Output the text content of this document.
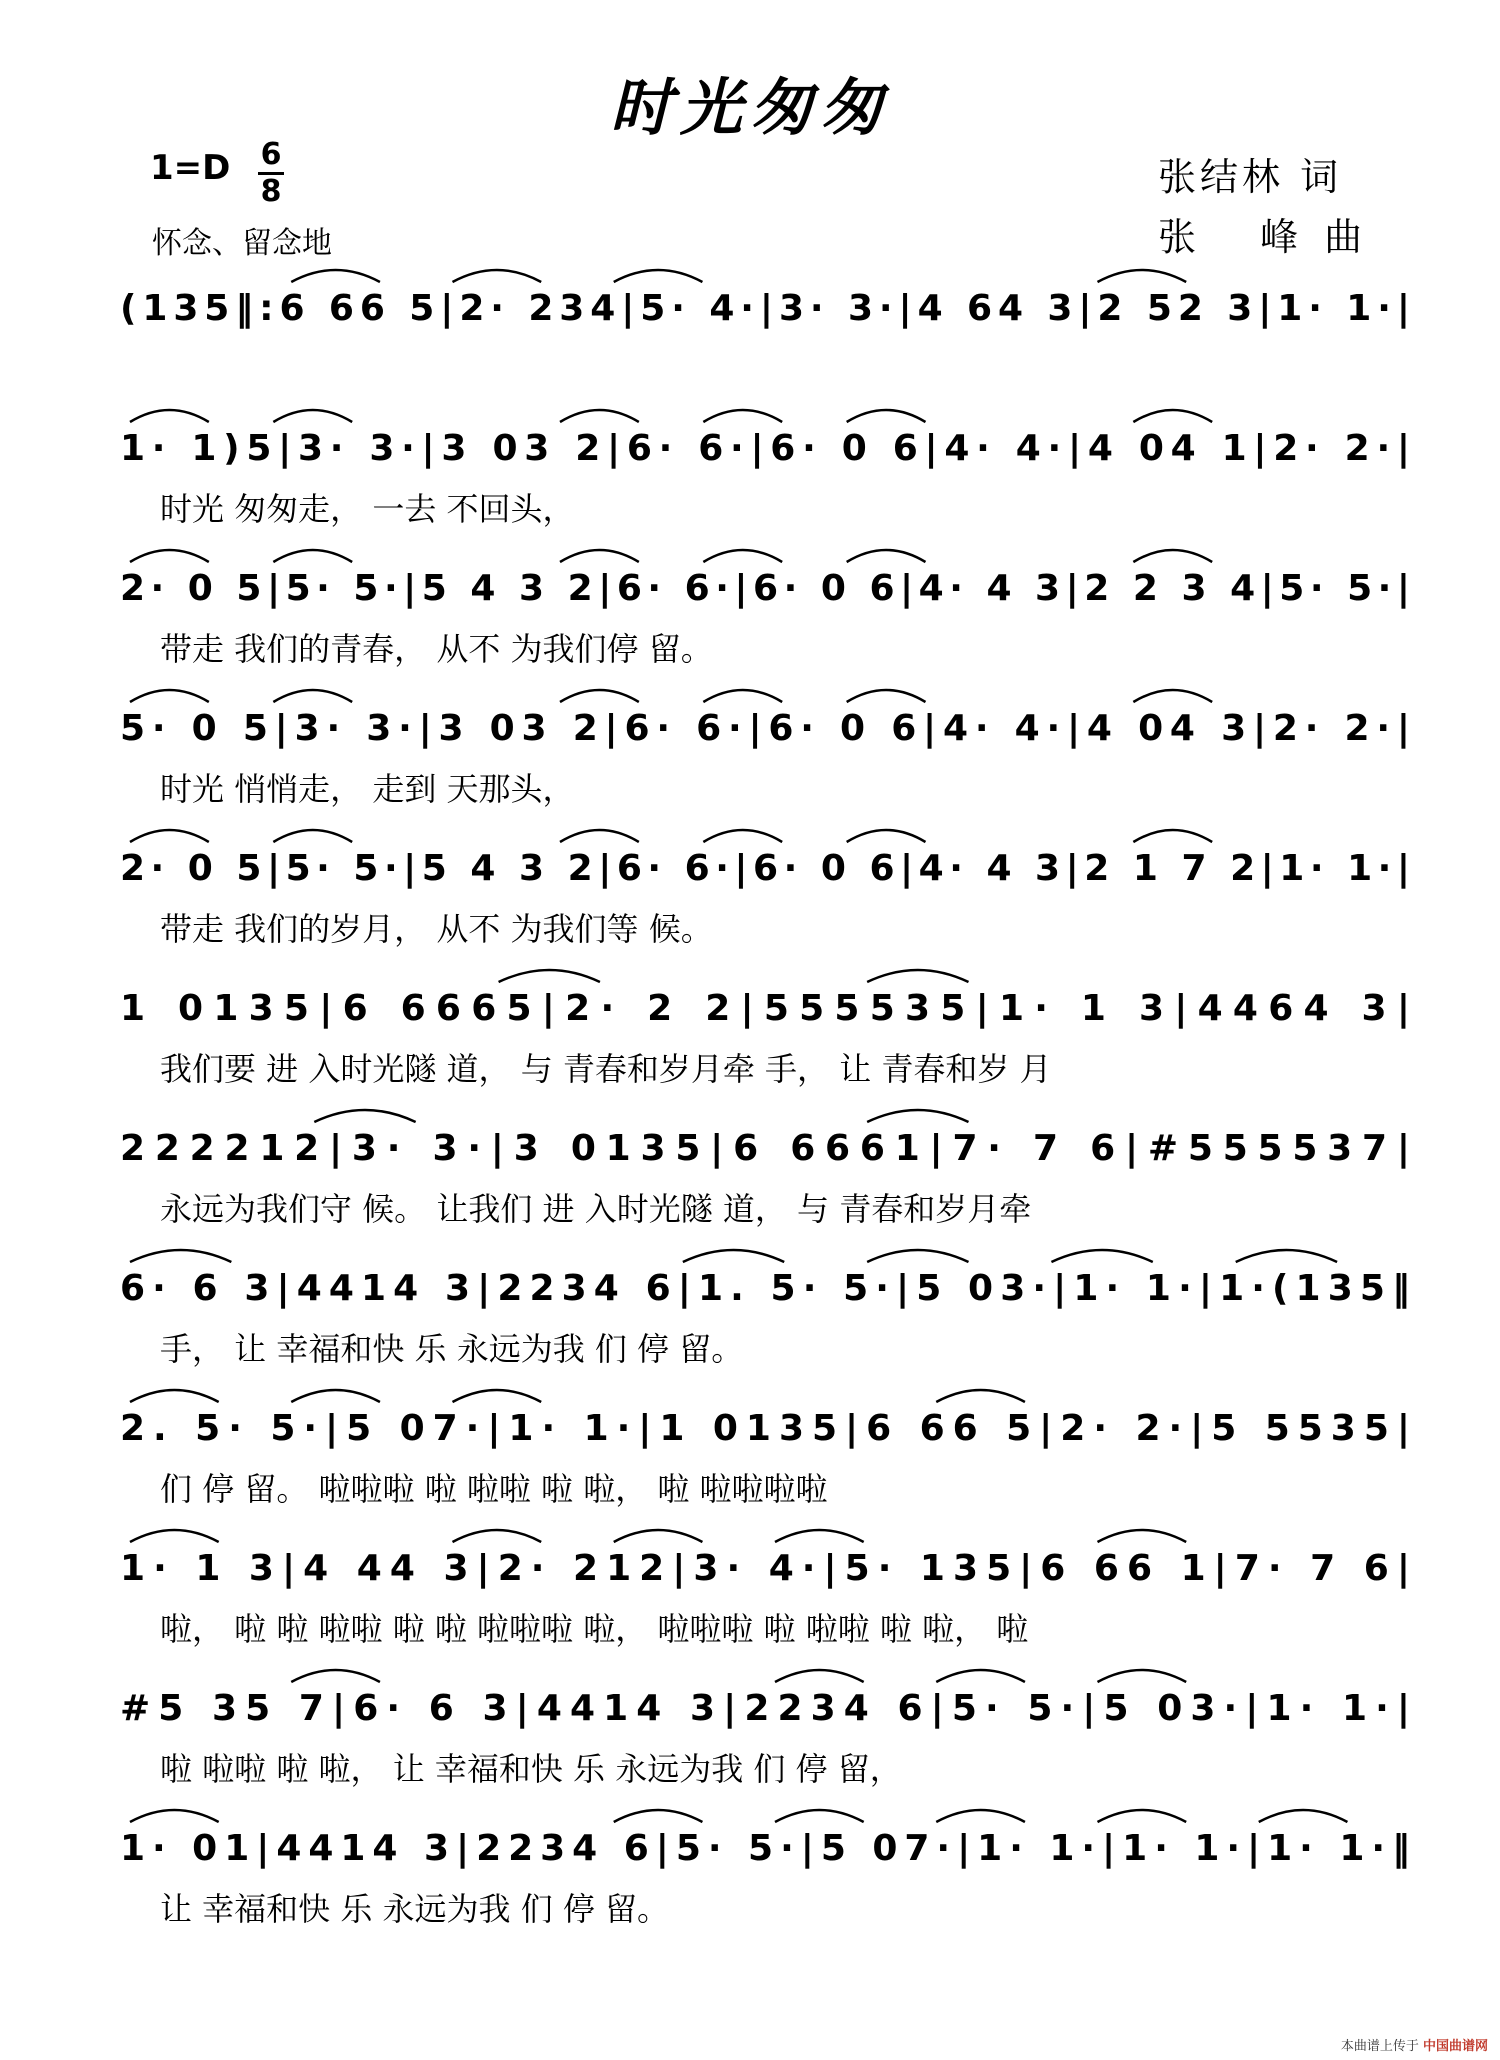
时光匆匆
1=D 6
8
怀念、留念地
张结林 词
张 峰曲
(135‖:6 66 5|2· 234|5· 4·|3· 3·|4 64 3|2 52 3|1· 1·|
1· 1)5|3· 3·|3 03 2|6· 6·|6· 0 6|4· 4·|4 04 1|2· 2·|
时光 匆匆走， 一去 不回头，
2· 0 5|5· 5·|5 4 3 2|6· 6·|6· 0 6|4· 4 3|2 2 3 4|5· 5·|
带走 我们的青春， 从不 为我们停 留。
5· 0 5|3· 3·|3 03 2|6· 6·|6· 0 6|4· 4·|4 04 3|2· 2·|
时光 悄悄走， 走到 天那头，
2· 0 5|5· 5·|5 4 3 2|6· 6·|6· 0 6|4· 4 3|2 1 7 2|1· 1·|
带走 我们的岁月， 从不 为我们等 候。
1 0135|6 6665|2· 2 2|555535|1· 1 3|4464 3|
我们要 进 入时光隧 道， 与 青春和岁月牵 手， 让 青春和岁 月
222212|3· 3·|3 0135|6 6661|7· 7 6|#555537|
永远为我们守 候。 让我们 进 入时光隧 道， 与 青春和岁月牵
6· 6 3|4414 3|2234 6|1. 5· 5·|5 03·|1· 1·|1·(135‖
手， 让 幸福和快 乐 永远为我 们 停 留。
2. 5· 5·|5 07·|1· 1·|1 0135|6 66 5|2· 2·|5 5535|
们 停 留。 啦啦啦 啦 啦啦 啦 啦， 啦 啦啦啦啦
1· 1 3|4 44 3|2· 212|3· 4·|5· 135|6 66 1|7· 7 6|
啦， 啦 啦 啦啦 啦 啦 啦啦啦 啦， 啦啦啦 啦 啦啦 啦 啦， 啦
#5 35 7|6· 6 3|4414 3|2234 6|5· 5·|5 03·|1· 1·|
啦 啦啦 啦 啦， 让 幸福和快 乐 永远为我 们 停 留，
1· 01|4414 3|2234 6|5· 5·|5 07·|1· 1·|1· 1·|1· 1·‖
让 幸福和快 乐 永远为我 们 停 留。
本曲谱上传于 中国曲谱网
